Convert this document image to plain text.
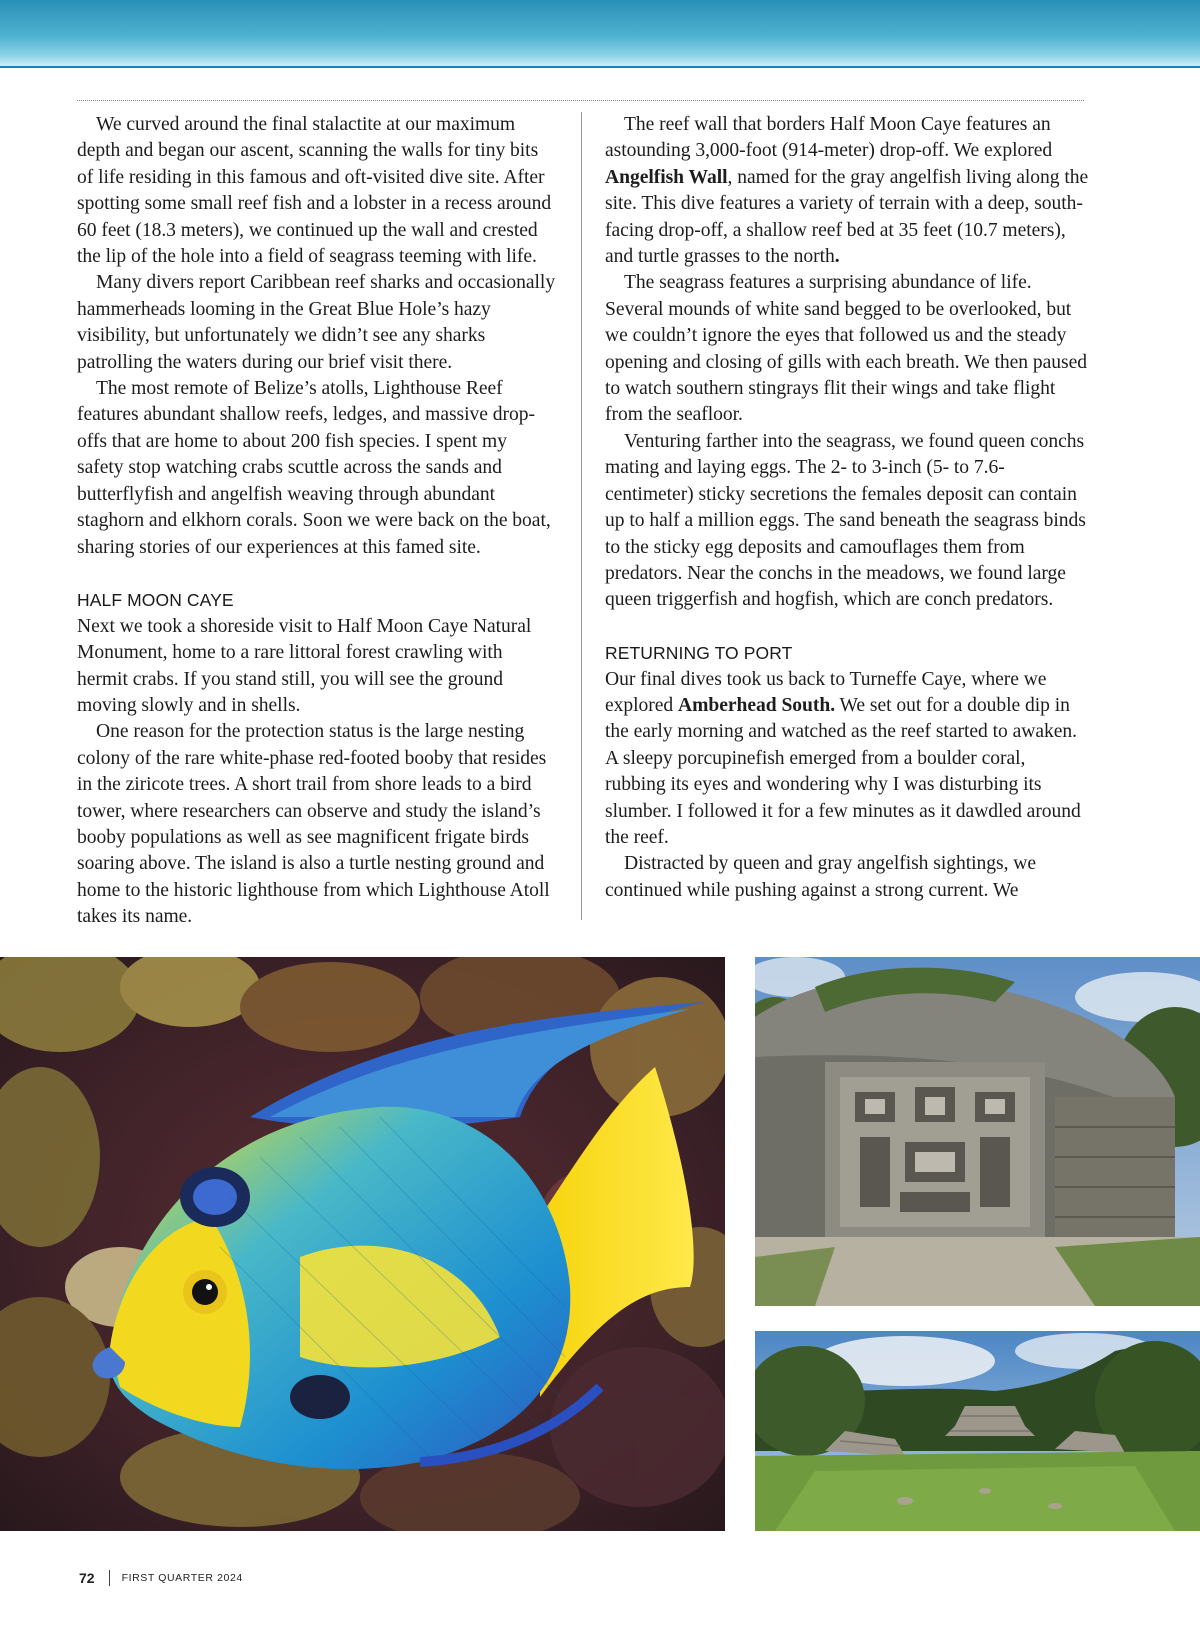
We curved around the final stalactite at our maximum depth and began our ascent, scanning the walls for tiny bits of life residing in this famous and oft-visited dive site. After spotting some small reef fish and a lobster in a recess around 60 feet (18.3 meters), we continued up the wall and crested the lip of the hole into a field of seagrass teeming with life.

Many divers report Caribbean reef sharks and occasionally hammerheads looming in the Great Blue Hole’s hazy visibility, but unfortunately we didn’t see any sharks patrolling the waters during our brief visit there.

The most remote of Belize’s atolls, Lighthouse Reef features abundant shallow reefs, ledges, and massive drop-offs that are home to about 200 fish species. I spent my safety stop watching crabs scuttle across the sands and butterflyfish and angelfish weaving through abundant staghorn and elkhorn corals. Soon we were back on the boat, sharing stories of our experiences at this famed site.

HALF MOON CAYE

Next we took a shoreside visit to Half Moon Caye Natural Monument, home to a rare littoral forest crawling with hermit crabs. If you stand still, you will see the ground moving slowly and in shells.

One reason for the protection status is the large nesting colony of the rare white-phase red-footed booby that resides in the ziricote trees. A short trail from shore leads to a bird tower, where researchers can observe and study the island’s booby populations as well as see magnificent frigate birds soaring above. The island is also a turtle nesting ground and home to the historic lighthouse from which Lighthouse Atoll takes its name.

The reef wall that borders Half Moon Caye features an astounding 3,000-foot (914-meter) drop-off. We explored Angelfish Wall, named for the gray angelfish living along the site. This dive features a variety of terrain with a deep, south-facing drop-off, a shallow reef bed at 35 feet (10.7 meters), and turtle grasses to the north.

The seagrass features a surprising abundance of life. Several mounds of white sand begged to be overlooked, but we couldn’t ignore the eyes that followed us and the steady opening and closing of gills with each breath. We then paused to watch southern stingrays flit their wings and take flight from the seafloor.

Venturing farther into the seagrass, we found queen conchs mating and laying eggs. The 2- to 3-inch (5- to 7.6-centimeter) sticky secretions the females deposit can contain up to half a million eggs. The sand beneath the seagrass binds to the sticky egg deposits and camouflages them from predators. Near the conchs in the meadows, we found large queen triggerfish and hogfish, which are conch predators.

RETURNING TO PORT

Our final dives took us back to Turneffe Caye, where we explored Amberhead South. We set out for a double dip in the early morning and watched as the reef started to awaken. A sleepy porcupinefish emerged from a boulder coral, rubbing its eyes and wondering why I was disturbing its slumber. I followed it for a few minutes as it dawdled around the reef.

Distracted by queen and gray angelfish sightings, we continued while pushing against a strong current. We

72	FIRST QUARTER 2024
